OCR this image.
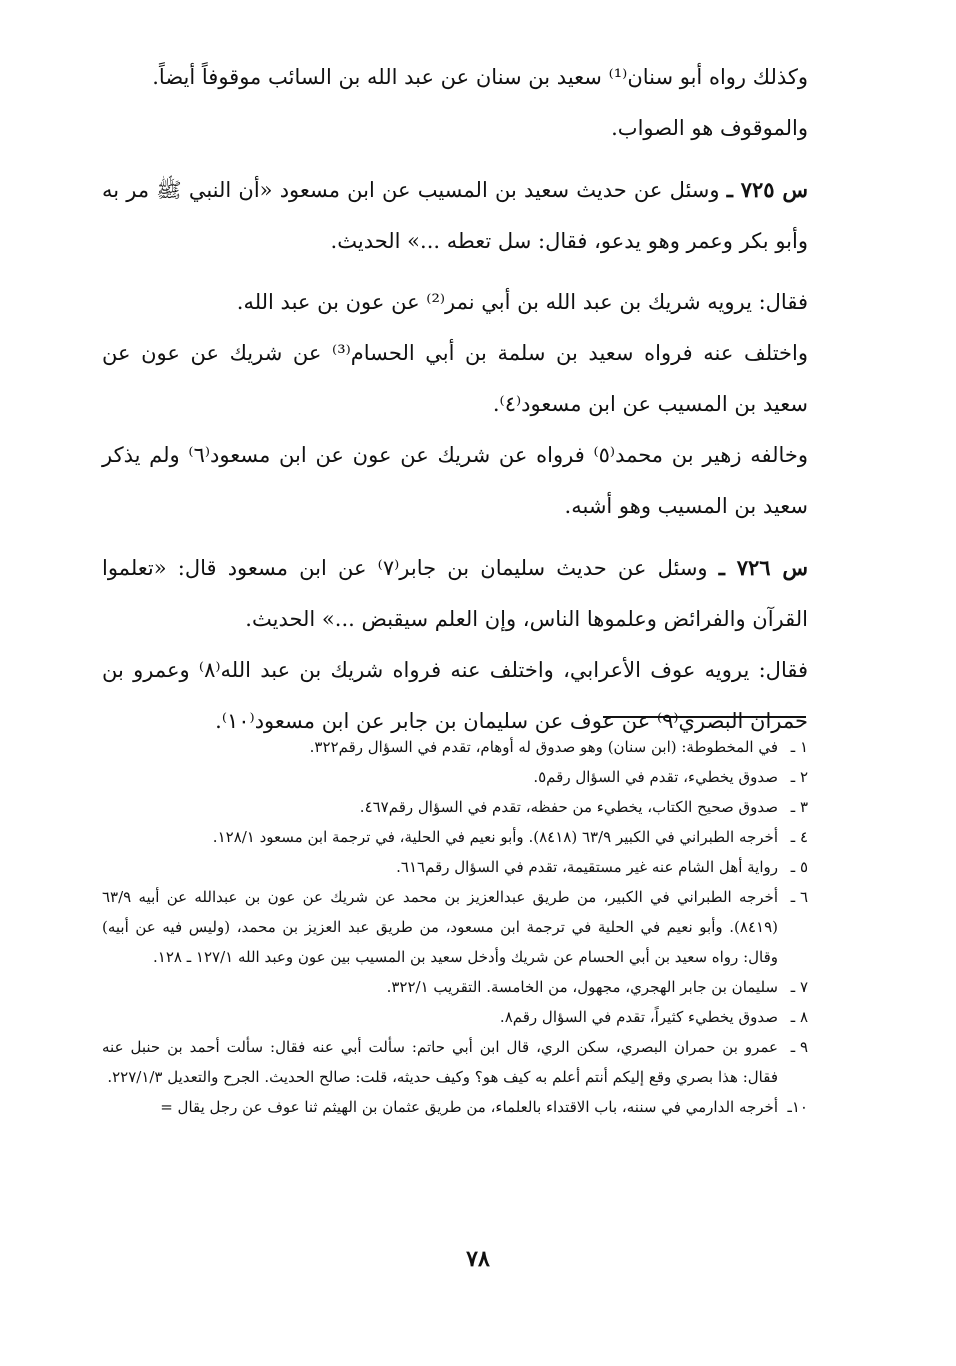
وكذلك رواه أبو سنان⁽¹⁾ سعيد بن سنان عن عبد الله بن السائب موقوفاً أيضاً.

والموقوف هو الصواب.

س ٧٢٥ ـ وسئل عن حديث سعيد بن المسيب عن ابن مسعود «أن النبي ﷺ مر به وأبو بكر وعمر وهو يدعو، فقال: سل تعطه ...» الحديث.

فقال: يرويه شريك بن عبد الله بن أبي نمر⁽²⁾ عن عون بن عبد الله.

واختلف عنه فرواه سعيد بن سلمة بن أبي الحسام⁽³⁾ عن شريك عن عون عن سعيد بن المسيب عن ابن مسعود⁽٤⁾.

وخالفه زهير بن محمد⁽٥⁾ فرواه عن شريك عن عون عن ابن مسعود⁽٦⁾ ولم يذكر سعيد بن المسيب وهو أشبه.

س ٧٢٦ ـ وسئل عن حديث سليمان بن جابر⁽٧⁾ عن ابن مسعود قال: «تعلموا القرآن والفرائض وعلموها الناس، وإن العلم سيقبض ...» الحديث.

فقال: يرويه عوف الأعرابي، واختلف عنه فرواه شريك بن عبد الله⁽٨⁾ وعمرو بن حمران البصري⁽٩⁾ عن عوف عن سليمان بن جابر عن ابن مسعود⁽١٠⁾.

١ ـ
في المخطوطة: (ابن سنان) وهو صدوق له أوهام، تقدم في السؤال رقم٣٢٢.
٢ ـ
صدوق يخطيء، تقدم في السؤال رقم٥.
٣ ـ
صدوق صحيح الكتاب، يخطيء من حفظه، تقدم في السؤال رقم٤٦٧.
٤ ـ
أخرجه الطبراني في الكبير ٦٣/٩ (٨٤١٨). وأبو نعيم في الحلية، في ترجمة ابن مسعود ١٢٨/١.
٥ ـ
رواية أهل الشام عنه غير مستقيمة، تقدم في السؤال رقم٦١٦.
٦ ـ
أخرجه الطبراني في الكبير، من طريق عبدالعزيز بن محمد عن شريك عن عون بن عبدالله عن أبيه ٦٣/٩ (٨٤١٩). وأبو نعيم في الحلية في ترجمة ابن مسعود، من طريق عبد العزيز بن محمد، (وليس فيه عن أبيه) وقال: رواه سعيد بن أبي الحسام عن شريك وأدخل سعيد بن المسيب بين عون وعبد الله ١٢٧/١ ـ ١٢٨.
٧ ـ
سليمان بن جابر الهجري، مجهول، من الخامسة. التقريب ٣٢٢/١.
٨ ـ
صدوق يخطيء كثيراً، تقدم في السؤال رقم٨.
٩ ـ
عمرو بن حمران البصري، سكن الري، قال ابن أبي حاتم: سألت أبي عنه فقال: سألت أحمد بن حنبل عنه فقال: هذا بصري وقع إليكم أنتم أعلم به كيف هو؟ وكيف حديثه، قلت: صالح الحديث. الجرح والتعديل ٢٢٧/١/٣.
١٠ـ
أخرجه الدارمي في سننه، باب الاقتداء بالعلماء، من طريق عثمان بن الهيثم ثنا عوف عن رجل يقال =
٧٨
